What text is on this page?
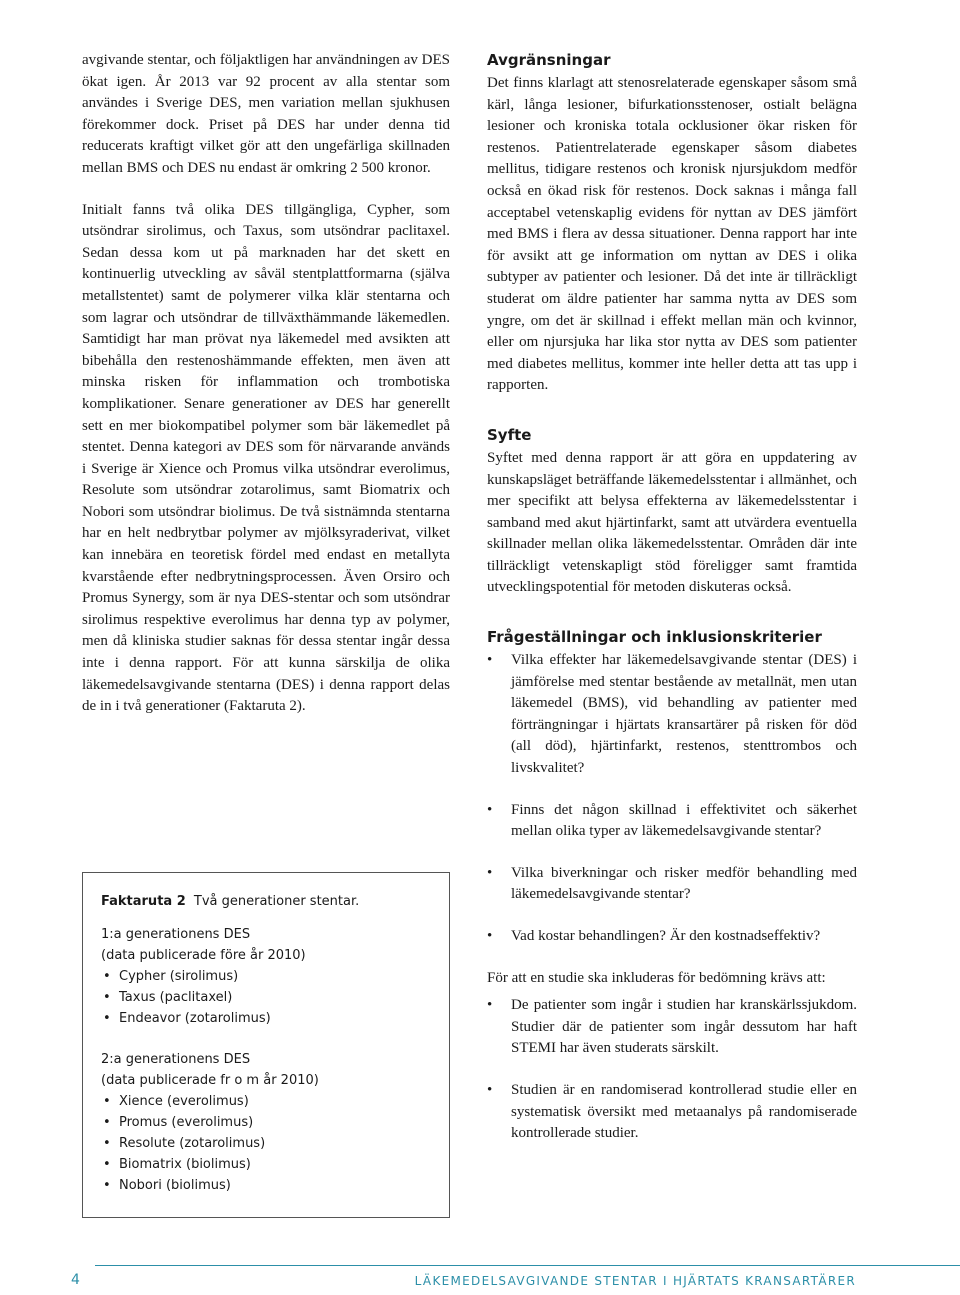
avgivande stentar, och följaktligen har användningen av DES ökat igen. År 2013 var 92 procent av alla stentar som användes i Sverige DES, men variation mellan sjukhusen förekommer dock. Priset på DES har under denna tid reducerats kraftigt vilket gör att den ungefärliga skillnaden mellan BMS och DES nu endast är omkring 2 500 kronor.

Initialt fanns två olika DES tillgängliga, Cypher, som utsöndrar sirolimus, och Taxus, som utsöndrar paclitaxel. Sedan dessa kom ut på marknaden har det skett en kontinuerlig utveckling av såväl stentplattformarna (själva metallstentet) samt de polymerer vilka klär stentarna och som lagrar och utsöndrar de tillväxthämmande läkemedlen. Samtidigt har man prövat nya läkemedel med avsikten att bibehålla den restenoshämmande effekten, men även att minska risken för inflammation och trombotiska komplikationer. Senare generationer av DES har generellt sett en mer biokompatibel polymer som bär läkemedlet på stentet. Denna kategori av DES som för närvarande används i Sverige är Xience och Promus vilka utsöndrar everolimus, Resolute som utsöndrar zotarolimus, samt Biomatrix och Nobori som utsöndrar biolimus. De två sistnämnda stentarna har en helt nedbrytbar polymer av mjölksyraderivat, vilket kan innebära en teoretisk fördel med endast en metallyta kvarstående efter nedbrytningsprocessen. Även Orsiro och Promus Synergy, som är nya DES-stentar och som utsöndrar sirolimus respektive everolimus har denna typ av polymer, men då kliniska studier saknas för dessa stentar ingår dessa inte i denna rapport. För att kunna särskilja de olika läkemedelsavgivande stentarna (DES) i denna rapport delas de in i två generationer (Faktaruta 2).

Faktaruta 2 Två generationer stentar.
1:a generationens DES
(data publicerade före år 2010)
• Cypher (sirolimus)
• Taxus (paclitaxel)
• Endeavor (zotarolimus)
2:a generationens DES
(data publicerade fr o m år 2010)
• Xience (everolimus)
• Promus (everolimus)
• Resolute (zotarolimus)
• Biomatrix (biolimus)
• Nobori (biolimus)
Avgränsningar

Det finns klarlagt att stenosrelaterade egenskaper såsom små kärl, långa lesioner, bifurkationsstenoser, ostialt belägna lesioner och kroniska totala ocklusioner ökar risken för restenos. Patientrelaterade egenskaper såsom diabetes mellitus, tidigare restenos och kronisk njursjukdom medför också en ökad risk för restenos. Dock saknas i många fall acceptabel vetenskaplig evidens för nyttan av DES jämfört med BMS i flera av dessa situationer. Denna rapport har inte för avsikt att ge information om nyttan av DES i olika subtyper av patienter och lesioner. Då det inte är tillräckligt studerat om äldre patienter har samma nytta av DES som yngre, om det är skillnad i effekt mellan män och kvinnor, eller om njursjuka har lika stor nytta av DES som patienter med diabetes mellitus, kommer inte heller detta att tas upp i rapporten.

Syfte

Syftet med denna rapport är att göra en uppdatering av kunskapsläget beträffande läkemedelsstentar i allmänhet, och mer specifikt att belysa effekterna av läkemedelsstentar i samband med akut hjärtinfarkt, samt att utvärdera eventuella skillnader mellan olika läkemedelsstentar. Områden där inte tillräckligt vetenskapligt stöd föreligger samt framtida utvecklingspotential för metoden diskuteras också.

Frågeställningar och inklusionskriterier
• Vilka effekter har läkemedelsavgivande stentar (DES) i jämförelse med stentar bestående av metallnät, men utan läkemedel (BMS), vid behandling av patienter med förträngningar i hjärtats kransartärer på risken för död (all död), hjärtinfarkt, restenos, stenttrombos och livskvalitet?
• Finns det någon skillnad i effektivitet och säkerhet mellan olika typer av läkemedelsavgivande stentar?
• Vilka biverkningar och risker medför behandling med läkemedelsavgivande stentar?
• Vad kostar behandlingen? Är den kostnadseffektiv?

För att en studie ska inkluderas för bedömning krävs att:

• De patienter som ingår i studien har kranskärlssjukdom. Studier där de patienter som ingår dessutom har haft STEMI har även studerats särskilt.
• Studien är en randomiserad kontrollerad studie eller en systematisk översikt med metaanalys på randomiserade kontrollerade studier.
4	LÄKEMEDELSAVGIVANDE STENTAR I HJÄRTATS KRANSARTÄRER
